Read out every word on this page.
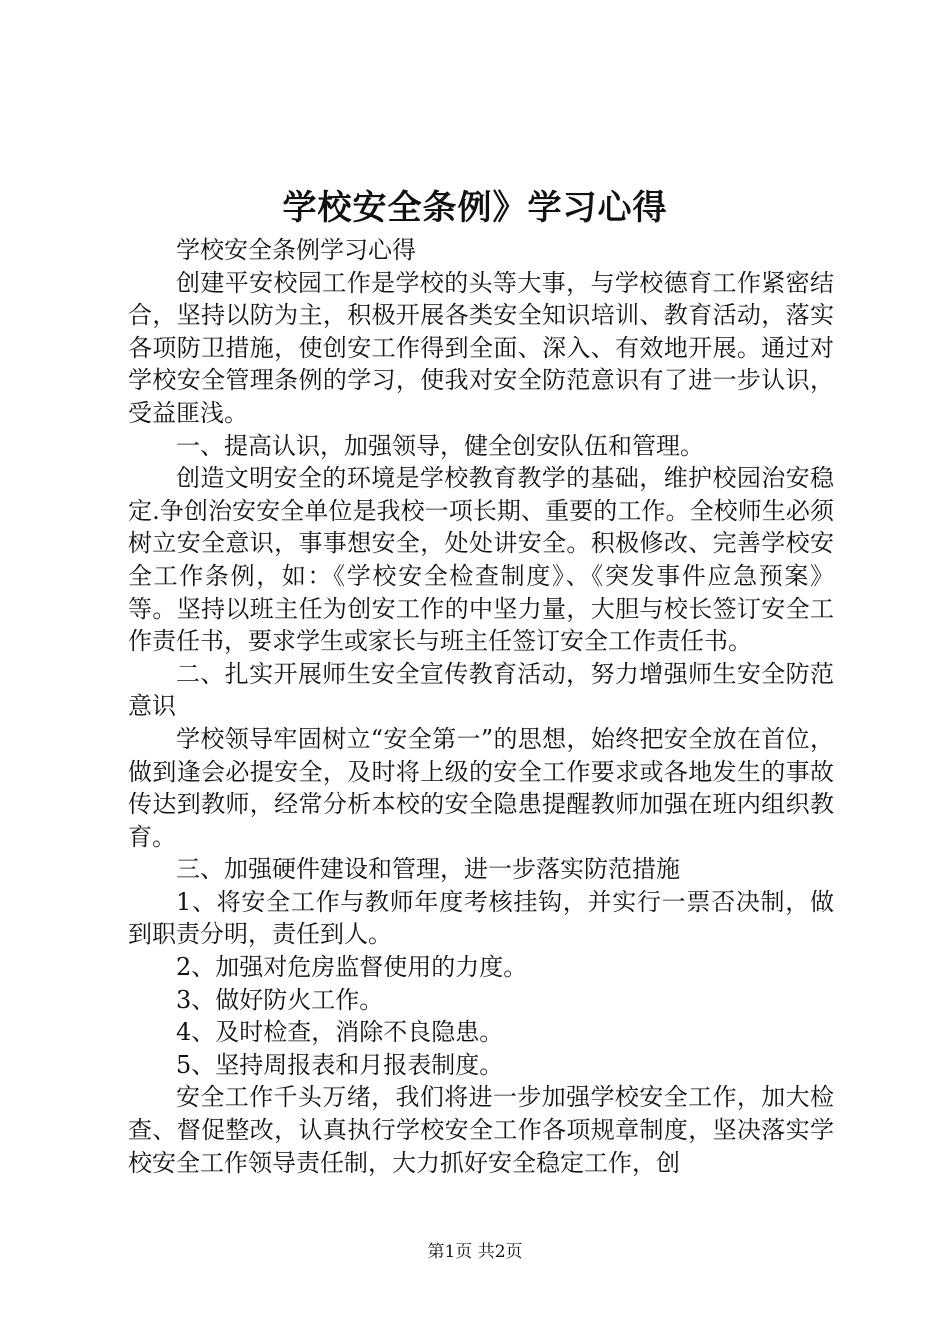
学校安全条例》学习心得

学校安全条例学习心得

创建平安校园工作是学校的头等大事，与学校德育工作紧密结合，坚持以防为主，积极开展各类安全知识培训、教育活动，落实各项防卫措施，使创安工作得到全面、深入、有效地开展。通过对学校安全管理条例的学习，使我对安全防范意识有了进一步认识，受益匪浅。

一、提高认识，加强领导，健全创安队伍和管理。

创造文明安全的环境是学校教育教学的基础，维护校园治安稳定.争创治安安全单位是我校一项长期、重要的工作。全校师生必须树立安全意识，事事想安全，处处讲安全。积极修改、完善学校安全工作条例，如：《学校安全检查制度》、《突发事件应急预案》等。坚持以班主任为创安工作的中坚力量，大胆与校长签订安全工作责任书，要求学生或家长与班主任签订安全工作责任书。

二、扎实开展师生安全宣传教育活动，努力增强师生安全防范意识

学校领导牢固树立“安全第一”的思想，始终把安全放在首位，做到逢会必提安全，及时将上级的安全工作要求或各地发生的事故传达到教师，经常分析本校的安全隐患提醒教师加强在班内组织教育。

三、加强硬件建设和管理，进一步落实防范措施

1、将安全工作与教师年度考核挂钩，并实行一票否决制，做到职责分明，责任到人。

2、加强对危房监督使用的力度。

3、做好防火工作。

4、及时检查，消除不良隐患。

5、坚持周报表和月报表制度。

安全工作千头万绪，我们将进一步加强学校安全工作，加大检查、督促整改，认真执行学校安全工作各项规章制度，坚决落实学校安全工作领导责任制，大力抓好安全稳定工作，创

第1页 共2页
